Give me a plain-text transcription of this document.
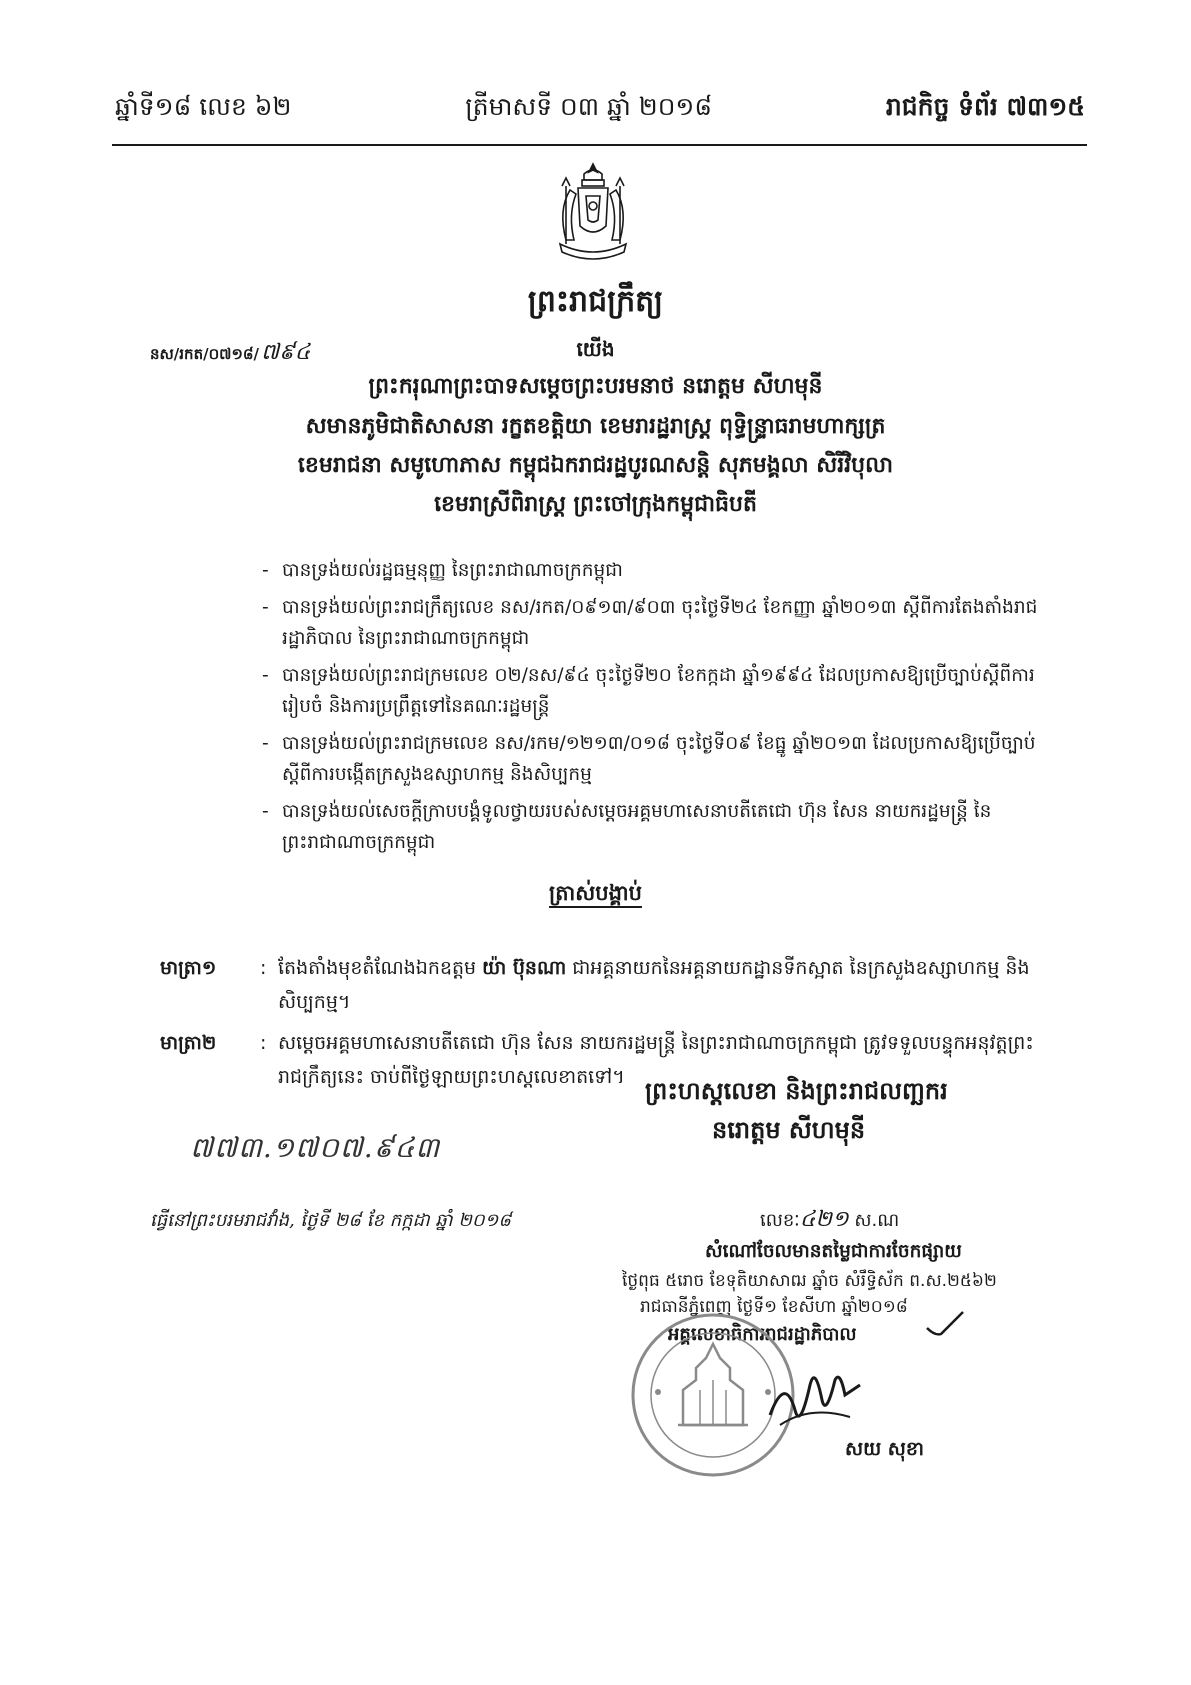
ឆ្នាំទី១៨ លេខ ៦២	ត្រីមាសទី ០៣ ឆ្នាំ ២០១៨	រាជកិច្ច ទំព័រ ៧៣១៥
ព្រះរាជក្រឹត្យ
នស/រកត/០៧១៨/៧៩៤	យើង
ព្រះករុណាព្រះបាទសម្តេចព្រះបរមនាថ នរោត្តម សីហមុនី
សមានភូមិជាតិសាសនា រក្ខតខត្តិយា ខេមរារដ្ឋរាស្ត្រ ពុទ្ធិន្ទ្រាធរាមហាក្សត្រ
ខេមរាជនា សមូហោភាស កម្ពុជឯករាជរដ្ឋបូរណសន្តិ សុភមង្គលា សិរីវិបុលា
ខេមរាស្រីពិរាស្ត្រ ព្រះចៅក្រុងកម្ពុជាធិបតី
- បានទ្រង់យល់រដ្ឋធម្មនុញ្ញ នៃព្រះរាជាណាចក្រកម្ពុជា
- បានទ្រង់យល់ព្រះរាជក្រឹត្យលេខ នស/រកត/០៩១៣/៩០៣ ចុះថ្ងៃទី២៤ ខែកញ្ញា ឆ្នាំ២០១៣ ស្តីពីការតែងតាំងរាជរដ្ឋាភិបាល នៃព្រះរាជាណាចក្រកម្ពុជា
- បានទ្រង់យល់ព្រះរាជក្រមលេខ ០២/នស/៩៤ ចុះថ្ងៃទី២០ ខែកក្កដា ឆ្នាំ១៩៩៤ ដែលប្រកាសឱ្យប្រើច្បាប់ស្តីពីការរៀបចំ និងការប្រព្រឹត្តទៅនៃគណៈរដ្ឋមន្ត្រី
- បានទ្រង់យល់ព្រះរាជក្រមលេខ នស/រកម/១២១៣/០១៨ ចុះថ្ងៃទី០៩ ខែធ្នូ ឆ្នាំ២០១៣ ដែលប្រកាសឱ្យប្រើច្បាប់ស្តីពីការបង្កើតក្រសួងឧស្សាហកម្ម និងសិប្បកម្ម
- បានទ្រង់យល់សេចក្តីក្រាបបង្គំទូលថ្វាយរបស់សម្តេចអគ្គមហាសេនាបតីតេជោ ហ៊ុន សែន នាយករដ្ឋមន្ត្រី នៃព្រះរាជាណាចក្រកម្ពុជា
ត្រាស់បង្គាប់
មាត្រា១	: តែងតាំងមុខតំណែងឯកឧត្តម យ៉ា ប៊ុនណា ជាអគ្គនាយកនៃអគ្គនាយកដ្ឋានទីកស្អាត នៃក្រសួងឧស្សាហកម្ម និងសិប្បកម្ម។
មាត្រា២	: សម្តេចអគ្គមហាសេនាបតីតេជោ ហ៊ុន សែន នាយករដ្ឋមន្ត្រី នៃព្រះរាជាណាចក្រកម្ពុជា ត្រូវទទួលបន្ទុកអនុវត្តព្រះរាជក្រឹត្យនេះ ចាប់ពីថ្ងៃឡាយព្រះហស្តលេខាតទៅ។ ព្រះហស្តលេខា និងព្រះរាជលញ្ឆករ
នរោត្តម សីហមុនី
៧៧៣.១៧០៧.៩៤៣
ធ្វើនៅព្រះបរមរាជវាំង, ថ្ងៃទី ២៨ ខែ កក្កដា ឆ្នាំ ២០១៨	លេខៈ៤២១ ស.ណ
សំណៅចែលមានតម្លៃជាការចែកផ្សាយ
ថ្ងៃពុធ ៥រោច ខែទុតិយាសាឍ ឆ្នាំច សំរឹទ្ធិស័ក ព.ស.២៥៦២
រាជធានីភ្នំពេញ ថ្ងៃទី១ ខែសីហា ឆ្នាំ២០១៨
អគ្គលេខាធិការរាជរដ្ឋាភិបាល
សយ សុខា
